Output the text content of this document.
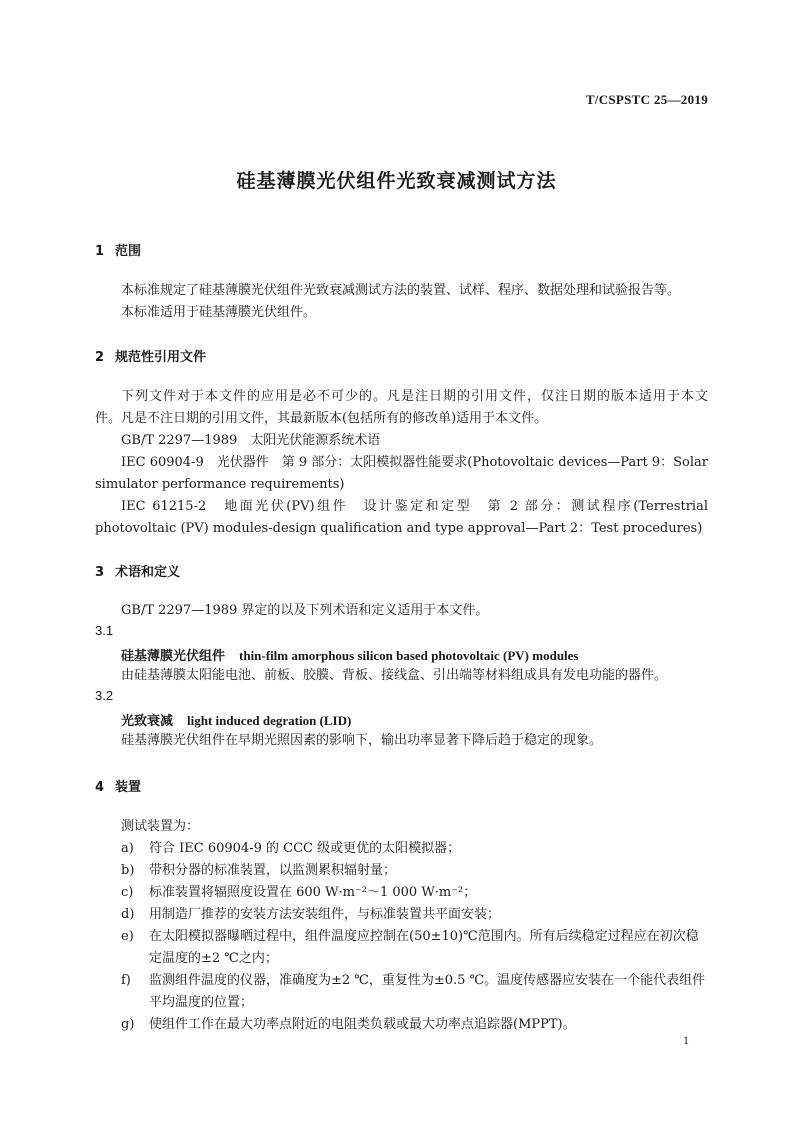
T/CSPSTC 25—2019
硅基薄膜光伏组件光致衰减测试方法
1 范围
本标准规定了硅基薄膜光伏组件光致衰减测试方法的装置、试样、程序、数据处理和试验报告等。
本标准适用于硅基薄膜光伏组件。
2 规范性引用文件
下列文件对于本文件的应用是必不可少的。凡是注日期的引用文件，仅注日期的版本适用于本文
件。凡是不注日期的引用文件，其最新版本(包括所有的修改单)适用于本文件。
GB/T 2297—1989　太阳光伏能源系统术语
IEC 60904-9　光伏器件　第 9 部分：太阳模拟器性能要求(Photovoltaic devices—Part 9：Solar
simulator performance requirements)
IEC 61215-2　地面光伏(PV)组件　设计鉴定和定型　第 2 部分：测试程序(Terrestrial
photovoltaic (PV) modules-design qualification and type approval—Part 2：Test procedures)
3 术语和定义
GB/T 2297—1989 界定的以及下列术语和定义适用于本文件。
3.1
硅基薄膜光伏组件 thin-film amorphous silicon based photovoltaic (PV) modules
由硅基薄膜太阳能电池、前板、胶膜、背板、接线盒、引出端等材料组成具有发电功能的器件。
3.2
光致衰减 light induced degration (LID)
硅基薄膜光伏组件在早期光照因素的影响下，输出功率显著下降后趋于稳定的现象。
4 装置
测试装置为：
a)	符合 IEC 60904-9 的 CCC 级或更优的太阳模拟器；
b)	带积分器的标准装置，以监测累积辐射量；
c)	标准装置将辐照度设置在 600 W·m⁻²～1 000 W·m⁻²；
d)	用制造厂推荐的安装方法安装组件，与标准装置共平面安装；
e)	在太阳模拟器曝晒过程中，组件温度应控制在(50±10)℃范围内。所有后续稳定过程应在初次稳定温度的±2 ℃之内；
f)	监测组件温度的仪器，准确度为±2 ℃，重复性为±0.5 ℃。温度传感器应安装在一个能代表组件平均温度的位置；
g)	使组件工作在最大功率点附近的电阻类负载或最大功率点追踪器(MPPT)。
1
